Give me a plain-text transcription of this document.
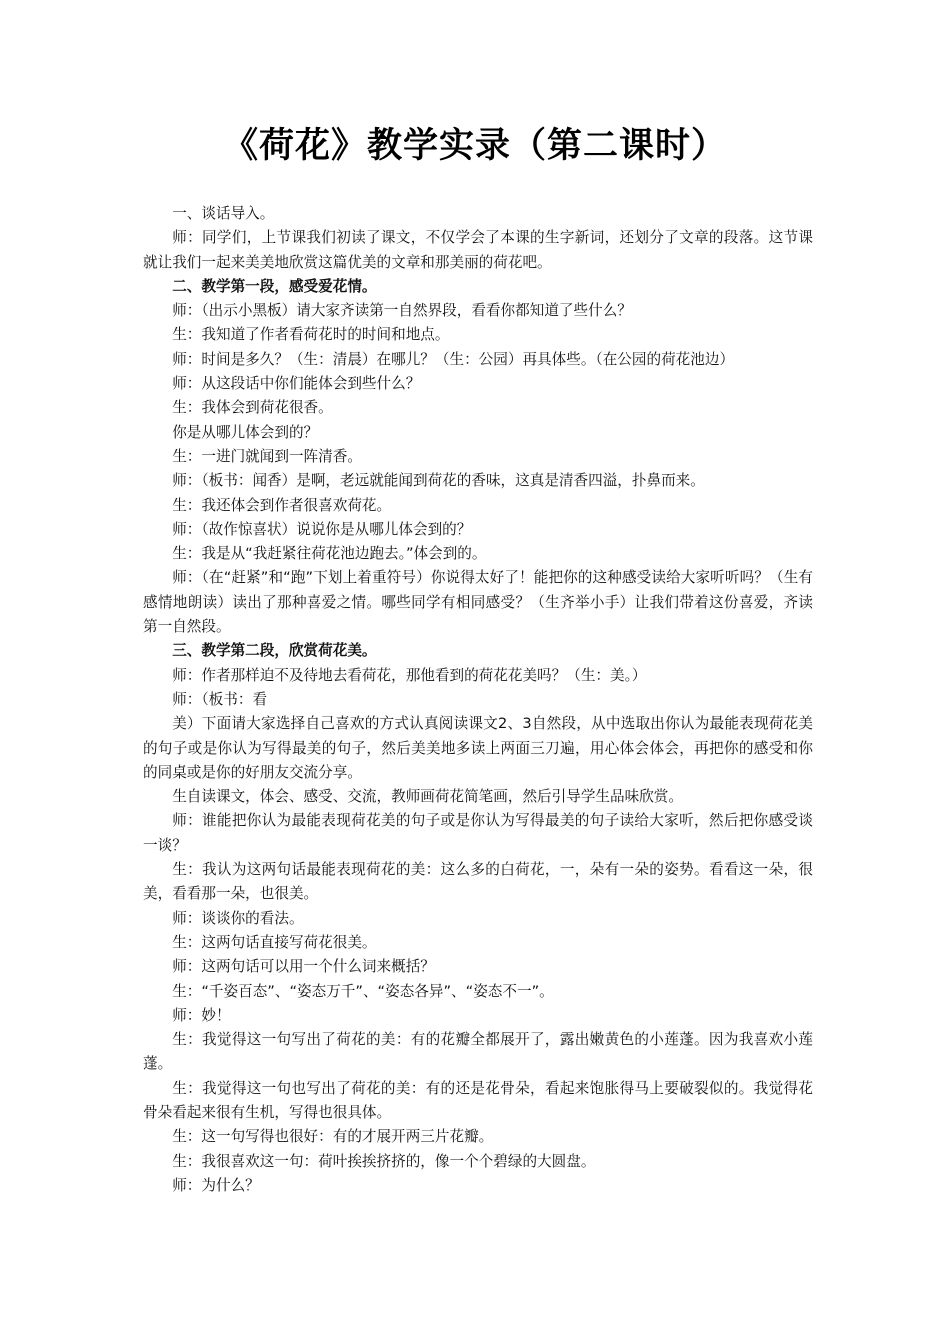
《荷花》教学实录（第二课时）

一、谈话导入。

师：同学们，上节课我们初读了课文，不仅学会了本课的生字新词，还划分了文章的段落。这节课就让我们一起来美美地欣赏这篇优美的文章和那美丽的荷花吧。

二、教学第一段，感受爱花情。

师：（出示小黑板）请大家齐读第一自然界段，看看你都知道了些什么？

生：我知道了作者看荷花时的时间和地点。

师：时间是多久？（生：清晨）在哪儿？（生：公园）再具体些。（在公园的荷花池边）

师：从这段话中你们能体会到些什么？

生：我体会到荷花很香。

你是从哪儿体会到的？

生：一进门就闻到一阵清香。

师：（板书：闻香）是啊，老远就能闻到荷花的香味，这真是清香四溢，扑鼻而来。

生：我还体会到作者很喜欢荷花。

师：（故作惊喜状）说说你是从哪儿体会到的？

生：我是从“我赶紧往荷花池边跑去。”体会到的。

师：（在“赶紧”和“跑”下划上着重符号）你说得太好了！能把你的这种感受读给大家听听吗？（生有感情地朗读）读出了那种喜爱之情。哪些同学有相同感受？（生齐举小手）让我们带着这份喜爱，齐读第一自然段。

三、教学第二段，欣赏荷花美。

师：作者那样迫不及待地去看荷花，那他看到的荷花花美吗？（生：美。）

师：（板书：看

美）下面请大家选择自己喜欢的方式认真阅读课文2、3自然段，从中选取出你认为最能表现荷花美的句子或是你认为写得最美的句子，然后美美地多读上两面三刀遍，用心体会体会，再把你的感受和你的同桌或是你的好朋友交流分享。

生自读课文，体会、感受、交流，教师画荷花简笔画，然后引导学生品味欣赏。

师：谁能把你认为最能表现荷花美的句子或是你认为写得最美的句子读给大家听，然后把你感受谈一谈？

生：我认为这两句话最能表现荷花的美：这么多的白荷花，一，朵有一朵的姿势。看看这一朵，很美，看看那一朵，也很美。

师：谈谈你的看法。

生：这两句话直接写荷花很美。

师：这两句话可以用一个什么词来概括？

生：“千姿百态”、“姿态万千”、“姿态各异”、“姿态不一”。

师：妙！

生：我觉得这一句写出了荷花的美：有的花瓣全都展开了，露出嫩黄色的小莲蓬。因为我喜欢小莲蓬。

生：我觉得这一句也写出了荷花的美：有的还是花骨朵，看起来饱胀得马上要破裂似的。我觉得花骨朵看起来很有生机，写得也很具体。

生：这一句写得也很好：有的才展开两三片花瓣。

生：我很喜欢这一句：荷叶挨挨挤挤的，像一个个碧绿的大圆盘。

师：为什么？
